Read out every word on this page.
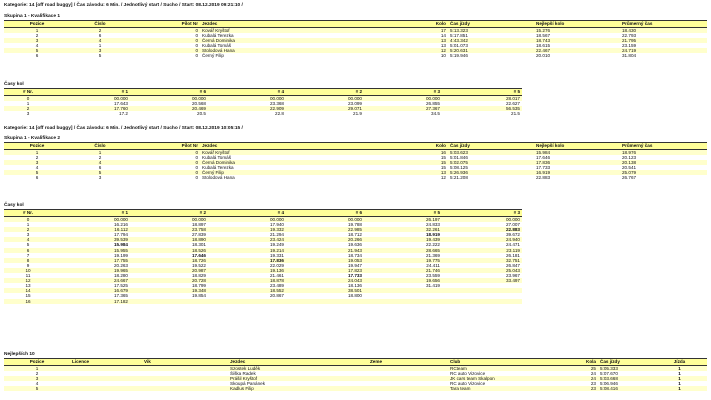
Kategorie: 14 [off road buggy] / Čas závodu: 6 Min. / Jednotlivý start / Sucho / Start: 08.12.2019 09:21:10 /
Skupina 1 - Kvalifikace 1
Pozice	Číslo	Pilot Nr	Jezdec	Kolo	Čas jízdy	Nejlepší kolo	Průmerný čas	
1	2	0	Kovář Kryštof	17	5:13.323	15.276	18.430	
2	6	0	Kubalá Terezka	14	5:17.851	18.567	22.793	
3	4	0	Černá Dominika	13	4:43.342	18.743	21.795	
4	1	0	Kubalá Tomáš	13	5:01.073	18.615	23.159	
5	3	0	Stolodová Hana	12	5:20.631	22.467	24.719	
6	5	0	Černý Filip	10	5:19.946	20.010	31.804	
Časy kol
# Nr.	# 1	# 6	# 4	# 2	# 3	# 5
0	00.000	00.000	00.000	00.000	00.000	28.017
1	17.643	20.568	23.368	23.099	26.855	22.627
2	17.760	20.469	22.909	29.071	27.367	56.535
3	17.2	20.5	22.8	21.9	34.5	21.5
Kategorie: 14 [off road buggy] / Čas závodu: 6 Min. / Jednotlivý start / Sucho / Start: 08.12.2019 10:05:15 /
Skupina 1 - Kvalifikace 2
Pozice	Číslo	Pilot Nr	Jezdec	Kolo	Čas jízdy	Nejlepší kolo	Průmerný čas	
1	1	0	Kovář Kryštof	16	5:03.623	15.984	18.976	
2	2	0	Kubalá Tomáš	15	5:01.846	17.646	20.123	
3	4	0	Černá Dominika	15	5:02.075	17.836	20.138	
4	6	0	Kubalá Terezka	15	5:08.125	17.733	20.541	
5	5	0	Černý Filip	13	5:26.936	16.919	25.079	
6	3	0	Stolodová Hana	12	5:21.208	22.883	26.767	
Časy kol
# Nr.	# 1	# 2	# 4	# 6	# 5	# 3
0	00.000	00.000	00.000	00.000	26.197	00.000
1	16.216	18.897	17.940	19.788	24.833	27.007
2	16.112	23.758	19.332	22.985	32.261	22.883
3	17.794	27.839	21.294	18.712	18.919	39.672
4	39.539	18.890	23.424	20.266	19.439	24.940
5	15.984	18.301	19.249	19.636	22.222	24.471
6	15.955	18.526	19.214	21.943	28.665	23.119
7	19.199	17.646	19.331	18.734	21.369	26.181
8	17.755	18.726	17.836	19.053	19.775	32.751
9	20.263	19.522	22.029	19.947	24.411	26.847
10	19.965	20.987	19.136	17.823	21.746	25.043
11	18.280	18.829	21.461	17.733	23.559	23.967
12	24.667	20.728	18.878	24.043	19.656	33.497
13	17.525	18.799	23.489	18.136	31.419	
14	16.679	19.348	18.552	38.501		
15	17.365	19.854	20.867	18.800		
16	17.182					
Nejlepších 10
Pozice	Licence	Vik	Jezdec	Zeme	Club	Kola	Čas jízdy	Jízda
1			Szostek Luděk		RCteam	25	5:05.333	1
2			Šiška Radek		RC auto Vizovice	24	5:07.670	1
3			Prášil Kryštof		JK cars team Skalpon	24	5:03.668	1
4			Skoupá Panánek		RC auto Vizovice	23	5:06.946	1
5			Kadlus Filip		Tara team	23	5:08.416	1
